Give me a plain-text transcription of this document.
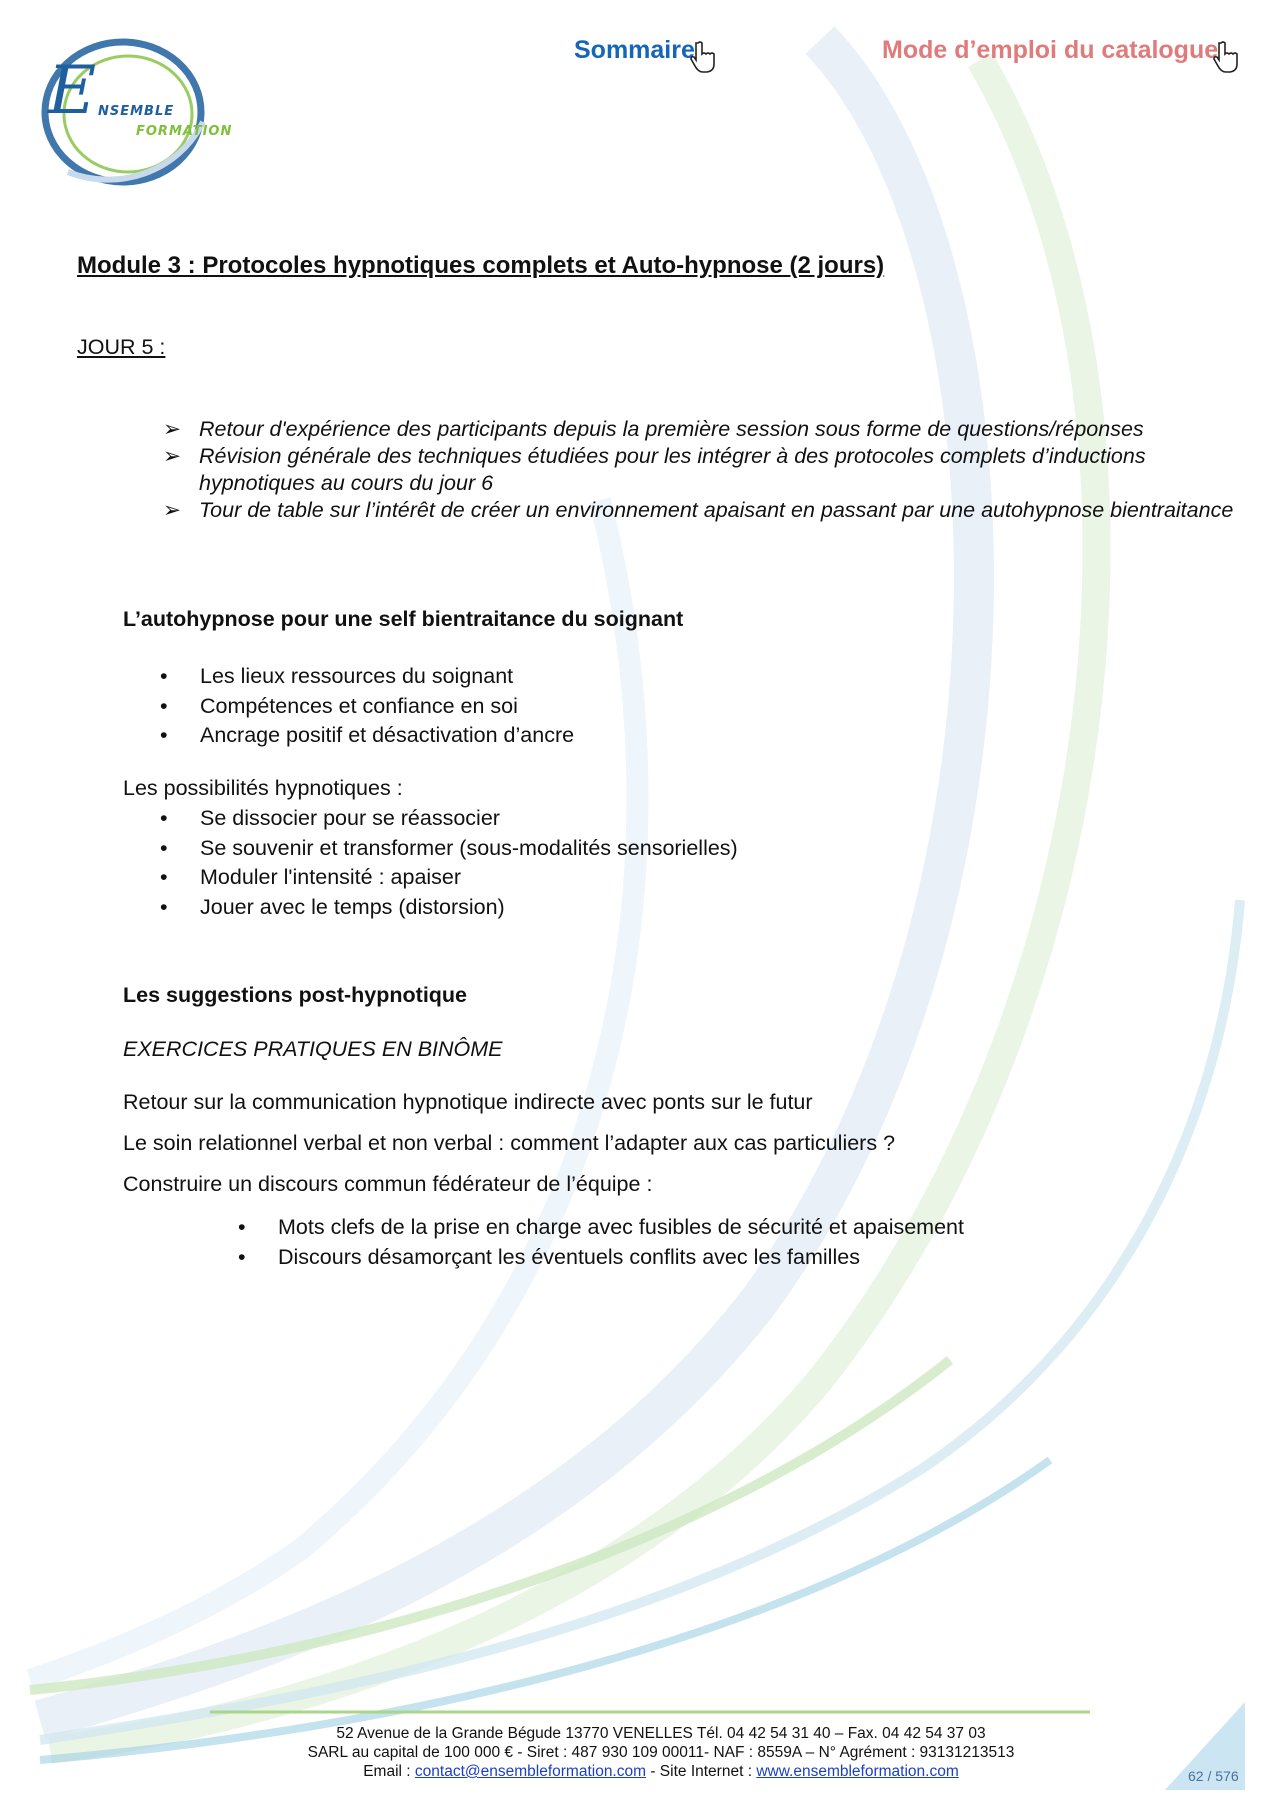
E NSEMBLE
FORMATION
Sommaire	Mode d’emploi du catalogue
Module 3 : Protocoles hypnotiques complets et Auto-hypnose (2 jours)
JOUR 5 :
➢ Retour d'expérience des participants depuis la première session sous forme de questions/réponses
➢ Révision générale des techniques étudiées pour les intégrer à des protocoles complets d’inductions hypnotiques au cours du jour 6
➢ Tour de table sur l’intérêt de créer un environnement apaisant en passant par une autohypnose bientraitance
L’autohypnose pour une self bientraitance du soignant
• Les lieux ressources du soignant
• Compétences et confiance en soi
• Ancrage positif et désactivation d’ancre
Les possibilités hypnotiques :
• Se dissocier pour se réassocier
• Se souvenir et transformer (sous-modalités sensorielles)
• Moduler l'intensité : apaiser
• Jouer avec le temps (distorsion)
Les suggestions post-hypnotique
EXERCICES PRATIQUES EN BINÔME
Retour sur la communication hypnotique indirecte avec ponts sur le futur
Le soin relationnel verbal et non verbal : comment l’adapter aux cas particuliers ?
Construire un discours commun fédérateur de l’équipe :
• Mots clefs de la prise en charge avec fusibles de sécurité et apaisement
• Discours désamorçant les éventuels conflits avec les familles
52 Avenue de la Grande Bégude 13770 VENELLES Tél. 04 42 54 31 40 – Fax. 04 42 54 37 03
SARL au capital de 100 000 € - Siret : 487 930 109 00011- NAF : 8559A – N° Agrément : 93131213513
Email : contact@ensembleformation.com - Site Internet : www.ensembleformation.com	62 / 576
